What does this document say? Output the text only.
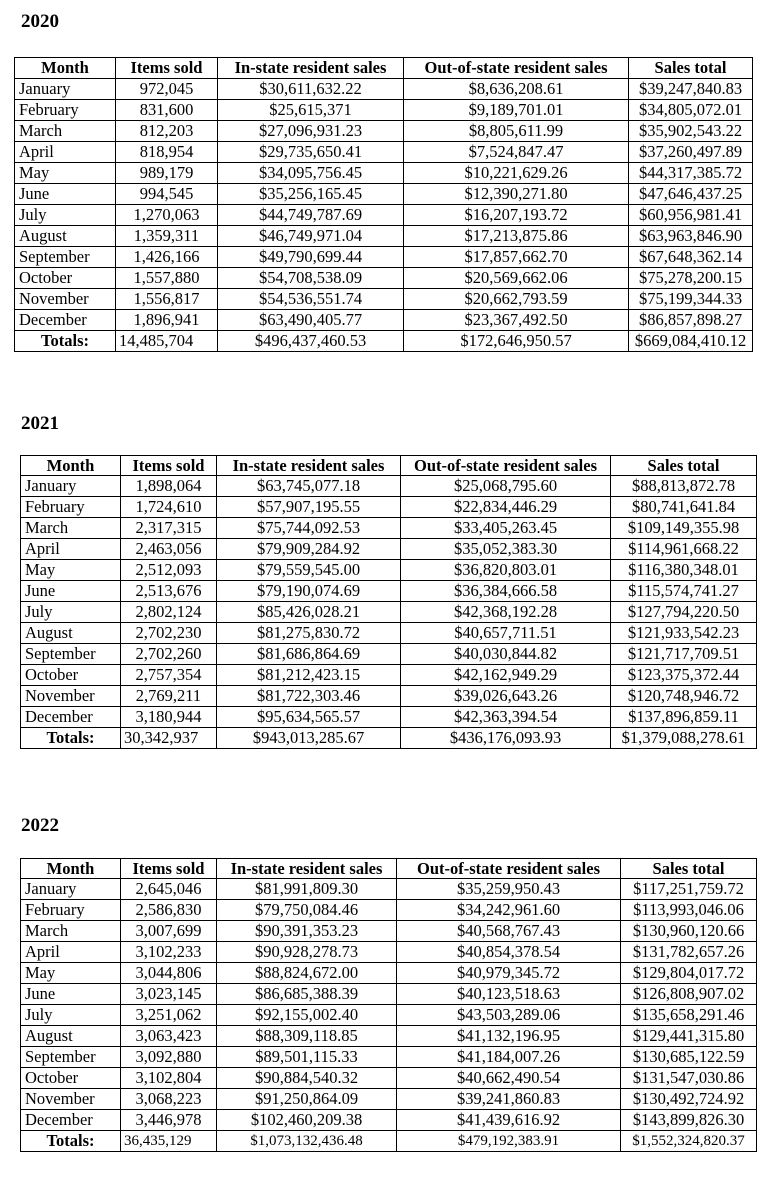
2020
Month	Items sold	In-state resident sales	Out-of-state resident sales	Sales total
January	972,045	$30,611,632.22	$8,636,208.61	$39,247,840.83
February	831,600	$25,615,371	$9,189,701.01	$34,805,072.01
March	812,203	$27,096,931.23	$8,805,611.99	$35,902,543.22
April	818,954	$29,735,650.41	$7,524,847.47	$37,260,497.89
May	989,179	$34,095,756.45	$10,221,629.26	$44,317,385.72
June	994,545	$35,256,165.45	$12,390,271.80	$47,646,437.25
July	1,270,063	$44,749,787.69	$16,207,193.72	$60,956,981.41
August	1,359,311	$46,749,971.04	$17,213,875.86	$63,963,846.90
September	1,426,166	$49,790,699.44	$17,857,662.70	$67,648,362.14
October	1,557,880	$54,708,538.09	$20,569,662.06	$75,278,200.15
November	1,556,817	$54,536,551.74	$20,662,793.59	$75,199,344.33
December	1,896,941	$63,490,405.77	$23,367,492.50	$86,857,898.27
Totals:	14,485,704	$496,437,460.53	$172,646,950.57	$669,084,410.12
2021
Month	Items sold	In-state resident sales	Out-of-state resident sales	Sales total
January	1,898,064	$63,745,077.18	$25,068,795.60	$88,813,872.78
February	1,724,610	$57,907,195.55	$22,834,446.29	$80,741,641.84
March	2,317,315	$75,744,092.53	$33,405,263.45	$109,149,355.98
April	2,463,056	$79,909,284.92	$35,052,383.30	$114,961,668.22
May	2,512,093	$79,559,545.00	$36,820,803.01	$116,380,348.01
June	2,513,676	$79,190,074.69	$36,384,666.58	$115,574,741.27
July	2,802,124	$85,426,028.21	$42,368,192.28	$127,794,220.50
August	2,702,230	$81,275,830.72	$40,657,711.51	$121,933,542.23
September	2,702,260	$81,686,864.69	$40,030,844.82	$121,717,709.51
October	2,757,354	$81,212,423.15	$42,162,949.29	$123,375,372.44
November	2,769,211	$81,722,303.46	$39,026,643.26	$120,748,946.72
December	3,180,944	$95,634,565.57	$42,363,394.54	$137,896,859.11
Totals:	30,342,937	$943,013,285.67	$436,176,093.93	$1,379,088,278.61
2022
Month	Items sold	In-state resident sales	Out-of-state resident sales	Sales total
January	2,645,046	$81,991,809.30	$35,259,950.43	$117,251,759.72
February	2,586,830	$79,750,084.46	$34,242,961.60	$113,993,046.06
March	3,007,699	$90,391,353.23	$40,568,767.43	$130,960,120.66
April	3,102,233	$90,928,278.73	$40,854,378.54	$131,782,657.26
May	3,044,806	$88,824,672.00	$40,979,345.72	$129,804,017.72
June	3,023,145	$86,685,388.39	$40,123,518.63	$126,808,907.02
July	3,251,062	$92,155,002.40	$43,503,289.06	$135,658,291.46
August	3,063,423	$88,309,118.85	$41,132,196.95	$129,441,315.80
September	3,092,880	$89,501,115.33	$41,184,007.26	$130,685,122.59
October	3,102,804	$90,884,540.32	$40,662,490.54	$131,547,030.86
November	3,068,223	$91,250,864.09	$39,241,860.83	$130,492,724.92
December	3,446,978	$102,460,209.38	$41,439,616.92	$143,899,826.30
Totals:	36,435,129	$1,073,132,436.48	$479,192,383.91	$1,552,324,820.37
